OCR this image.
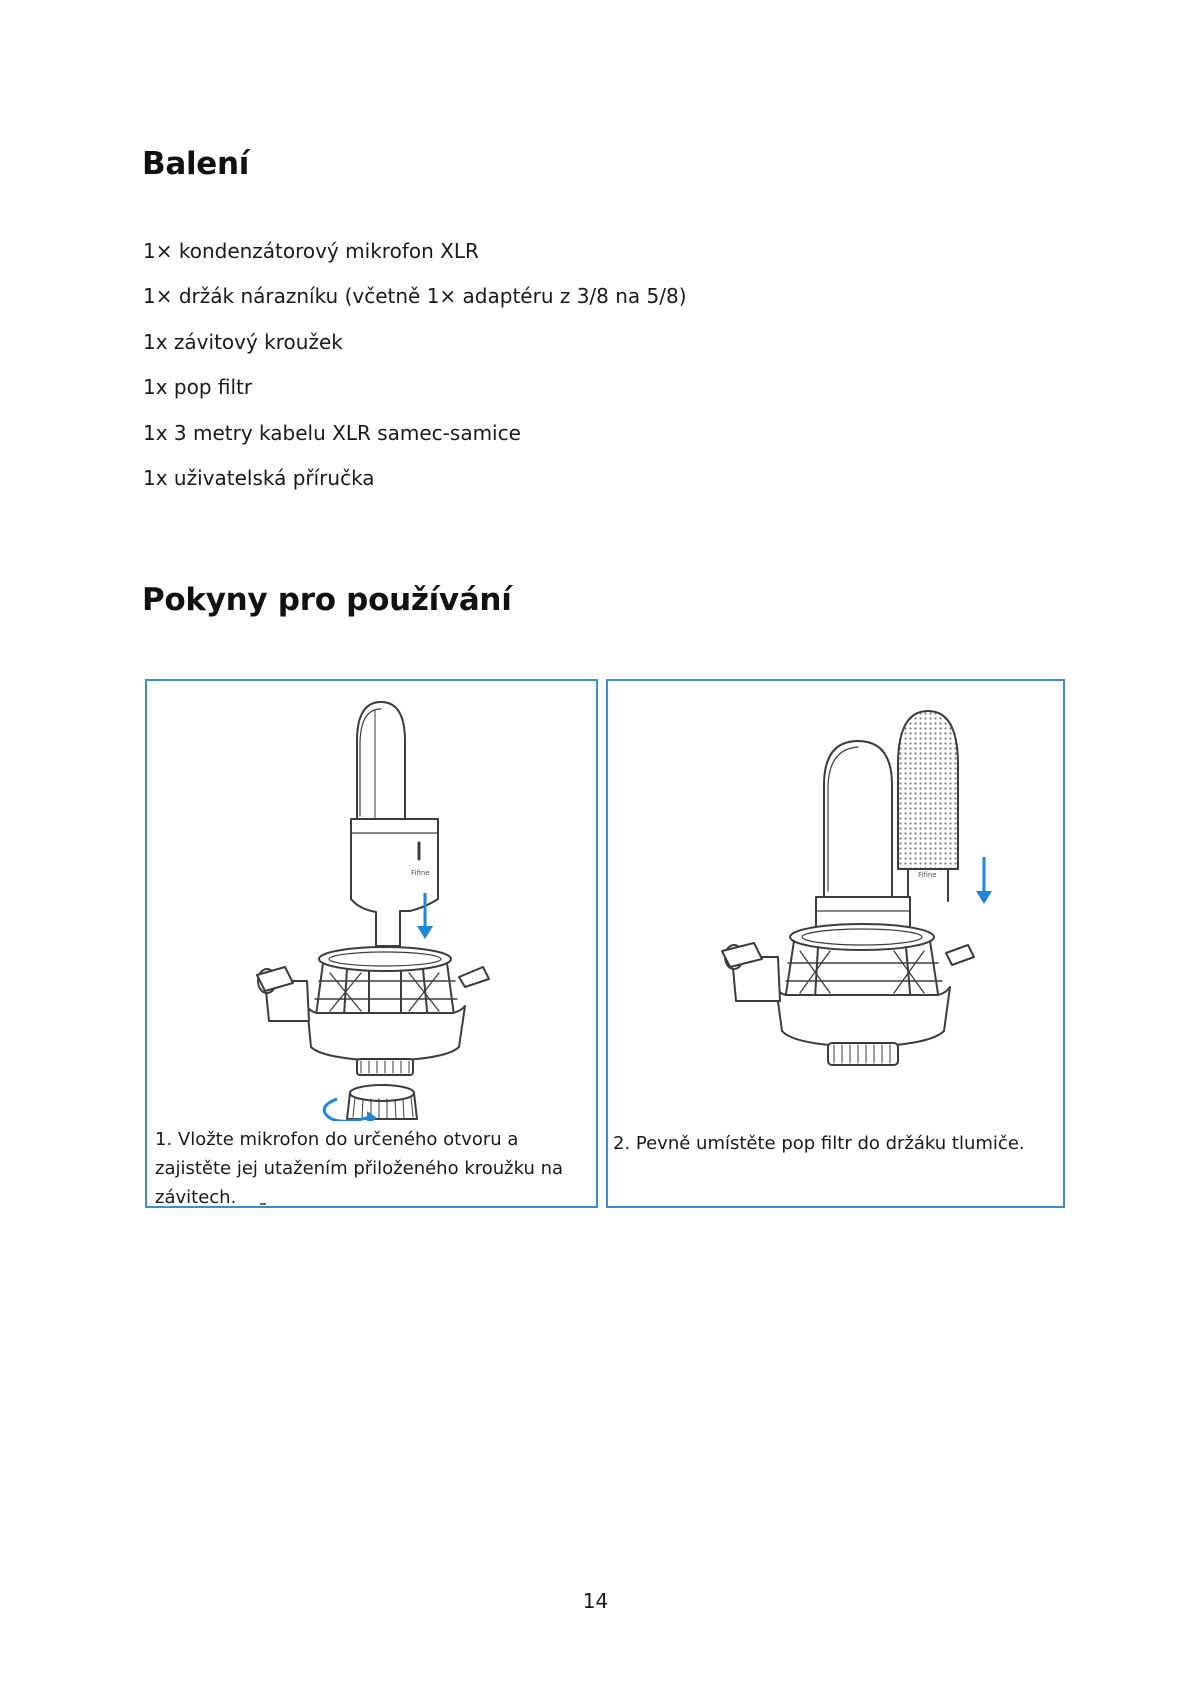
Balení
1× kondenzátorový mikrofon XLR
1× držák nárazníku (včetně 1× adaptéru z 3/8 na 5/8)
1x závitový kroužek
1x pop filtr
1x 3 metry kabelu XLR samec-samice
1x uživatelská příručka
Pokyny pro používání
Fifine

1. Vložte mikrofon do určeného otvoru a zajistěte jej utažením přiloženého kroužku na závitech.

Fifine

2. Pevně umístěte pop filtr do držáku tlumiče.

14
